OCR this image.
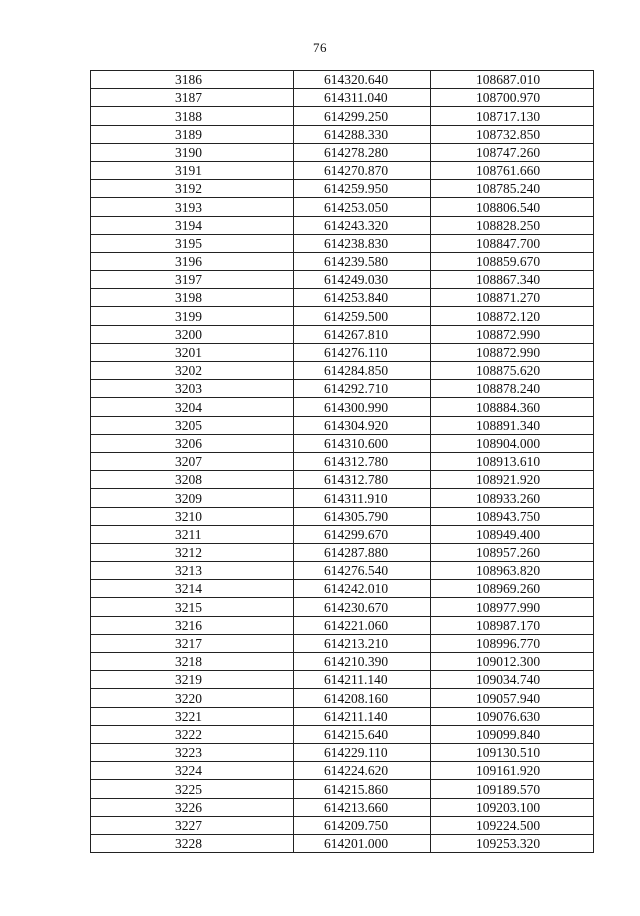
76
3186	614320.640	108687.010
3187	614311.040	108700.970
3188	614299.250	108717.130
3189	614288.330	108732.850
3190	614278.280	108747.260
3191	614270.870	108761.660
3192	614259.950	108785.240
3193	614253.050	108806.540
3194	614243.320	108828.250
3195	614238.830	108847.700
3196	614239.580	108859.670
3197	614249.030	108867.340
3198	614253.840	108871.270
3199	614259.500	108872.120
3200	614267.810	108872.990
3201	614276.110	108872.990
3202	614284.850	108875.620
3203	614292.710	108878.240
3204	614300.990	108884.360
3205	614304.920	108891.340
3206	614310.600	108904.000
3207	614312.780	108913.610
3208	614312.780	108921.920
3209	614311.910	108933.260
3210	614305.790	108943.750
3211	614299.670	108949.400
3212	614287.880	108957.260
3213	614276.540	108963.820
3214	614242.010	108969.260
3215	614230.670	108977.990
3216	614221.060	108987.170
3217	614213.210	108996.770
3218	614210.390	109012.300
3219	614211.140	109034.740
3220	614208.160	109057.940
3221	614211.140	109076.630
3222	614215.640	109099.840
3223	614229.110	109130.510
3224	614224.620	109161.920
3225	614215.860	109189.570
3226	614213.660	109203.100
3227	614209.750	109224.500
3228	614201.000	109253.320
